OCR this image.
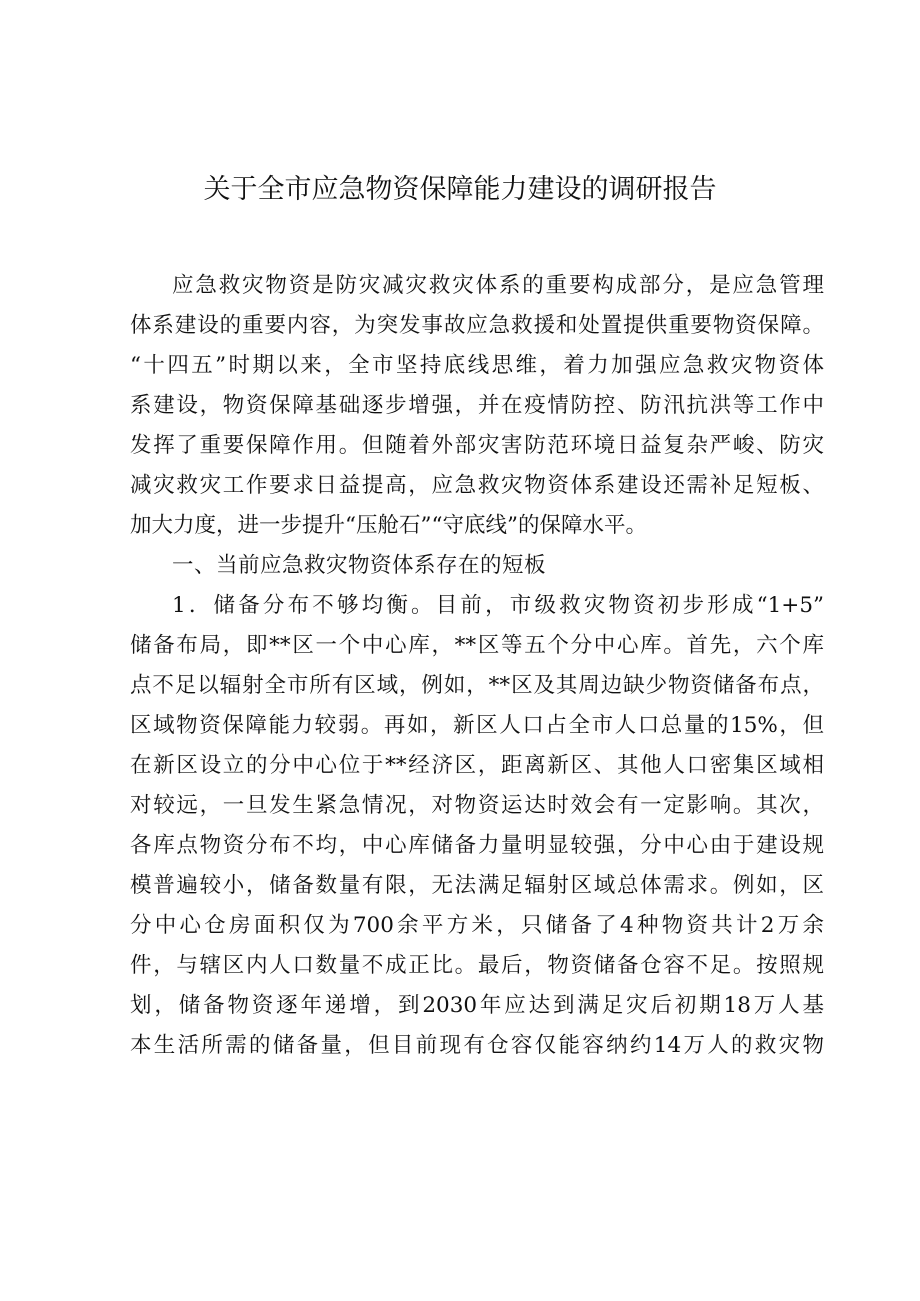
关于全市应急物资保障能力建设的调研报告
应急救灾物资是防灾减灾救灾体系的重要构成部分，是应急管理
体系建设的重要内容，为突发事故应急救援和处置提供重要物资保障。
“十四五”时期以来，全市坚持底线思维，着力加强应急救灾物资体
系建设，物资保障基础逐步增强，并在疫情防控、防汛抗洪等工作中
发挥了重要保障作用。但随着外部灾害防范环境日益复杂严峻、防灾
减灾救灾工作要求日益提高，应急救灾物资体系建设还需补足短板、
加大力度，进一步提升“压舱石”“守底线”的保障水平。
一、当前应急救灾物资体系存在的短板
1．储备分布不够均衡。目前，市级救灾物资初步形成“1+5”
储备布局，即**区一个中心库，**区等五个分中心库。首先，六个库
点不足以辐射全市所有区域，例如，**区及其周边缺少物资储备布点，
区域物资保障能力较弱。再如，新区人口占全市人口总量的15%，但
在新区设立的分中心位于**经济区，距离新区、其他人口密集区域相
对较远，一旦发生紧急情况，对物资运达时效会有一定影响。其次，
各库点物资分布不均，中心库储备力量明显较强，分中心由于建设规
模普遍较小，储备数量有限，无法满足辐射区域总体需求。例如，区
分中心仓房面积仅为700余平方米，只储备了4种物资共计2万余
件，与辖区内人口数量不成正比。最后，物资储备仓容不足。按照规
划，储备物资逐年递增，到2030年应达到满足灾后初期18万人基
本生活所需的储备量，但目前现有仓容仅能容纳约14万人的救灾物
